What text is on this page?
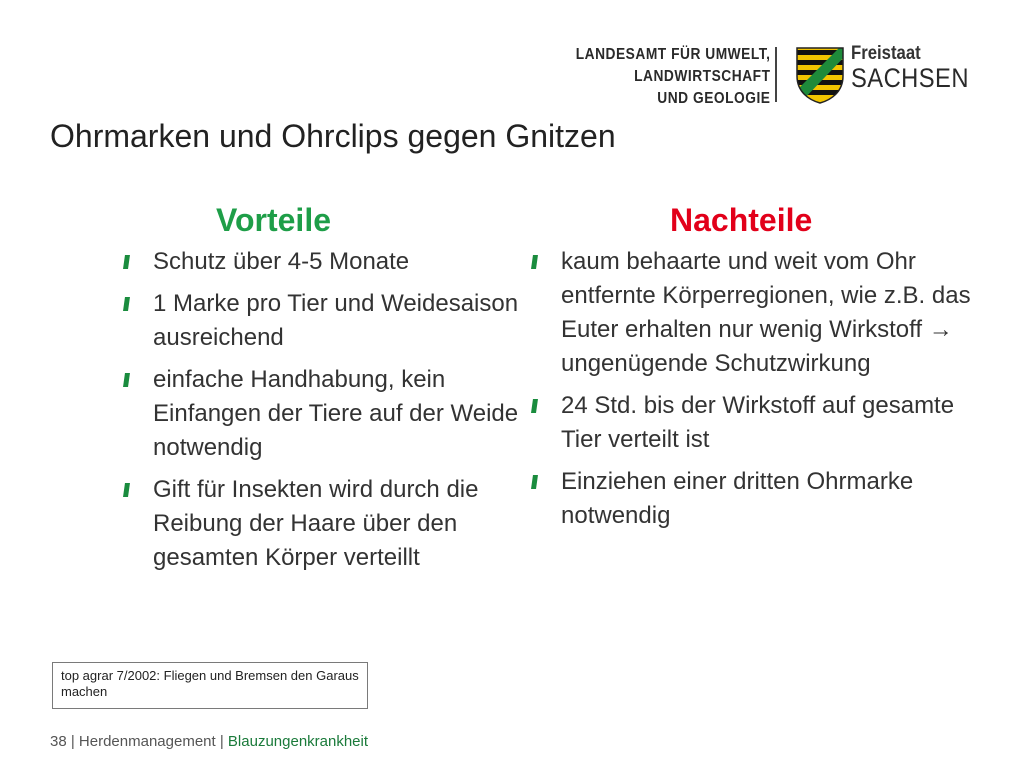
LANDESAMT FÜR UMWELT,
LANDWIRTSCHAFT
UND GEOLOGIE
Freistaat
SACHSEN
Ohrmarken und Ohrclips gegen Gnitzen
Vorteile	Nachteile
Schutz über 4-5 Monate
1 Marke pro Tier und Weidesaison ausreichend
einfache Handhabung, kein Einfangen der Tiere auf der Weide notwendig
Gift für Insekten wird durch die Reibung der Haare über den gesamten Körper verteillt
kaum behaarte und weit vom Ohr entfernte Körperregionen, wie z.B. das Euter erhalten nur wenig Wirkstoff → ungenügende Schutzwirkung
24 Std. bis der Wirkstoff auf gesamte Tier verteilt ist
Einziehen einer dritten Ohrmarke notwendig
top agrar 7/2002: Fliegen und Bremsen den Garaus machen
38 | Herdenmanagement | Blauzungenkrankheit
